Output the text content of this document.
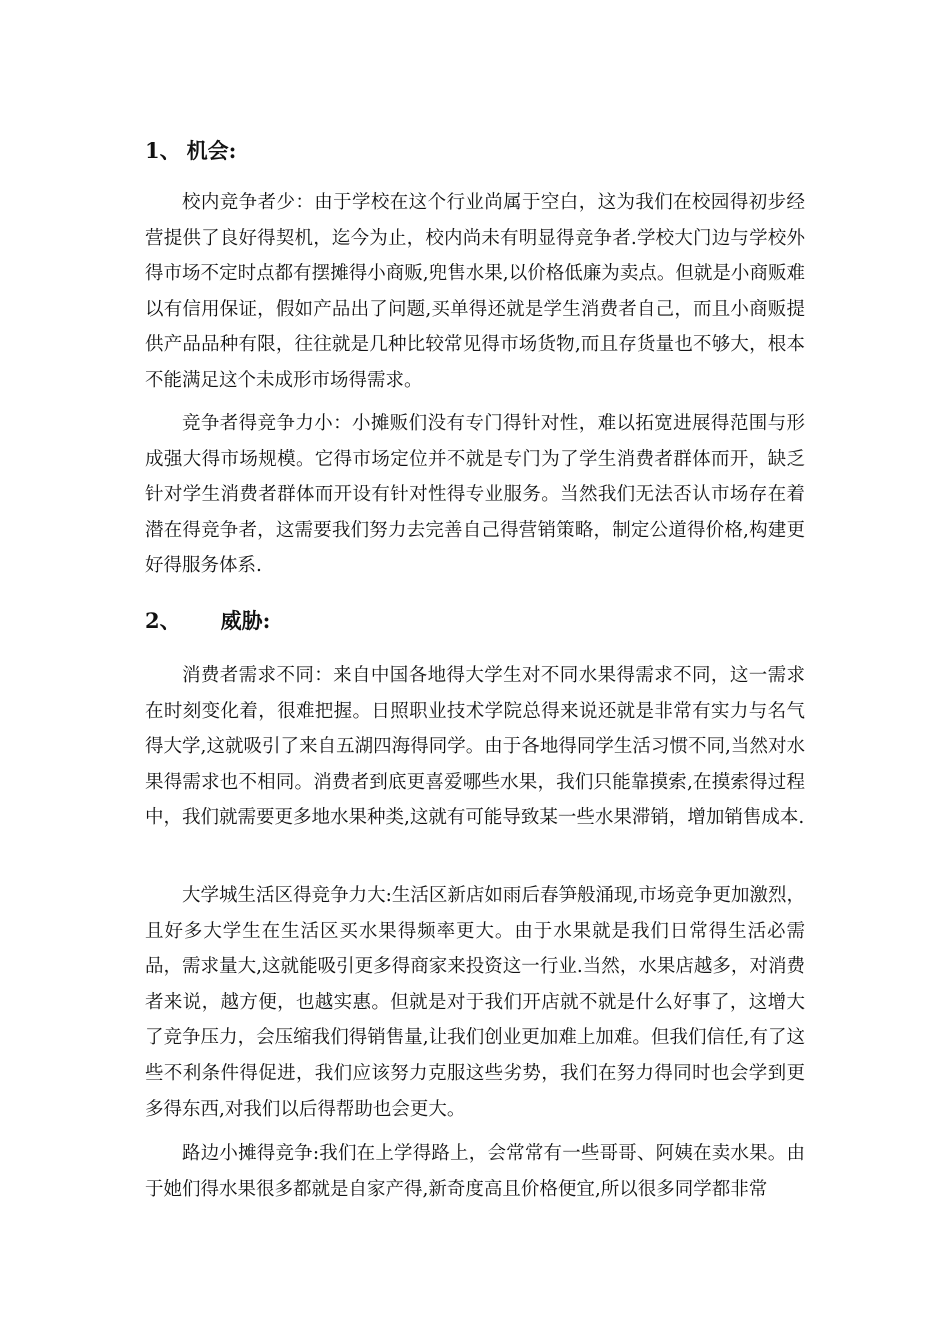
1、 机会:

校内竞争者少：由于学校在这个行业尚属于空白，这为我们在校园得初步经营提供了良好得契机，迄今为止，校内尚未有明显得竞争者.学校大门边与学校外得市场不定时点都有摆摊得小商贩,兜售水果,以价格低廉为卖点。但就是小商贩难以有信用保证，假如产品出了问题,买单得还就是学生消费者自己，而且小商贩提供产品品种有限，往往就是几种比较常见得市场货物,而且存货量也不够大，根本不能满足这个未成形市场得需求。

竞争者得竞争力小：小摊贩们没有专门得针对性，难以拓宽进展得范围与形成强大得市场规模。它得市场定位并不就是专门为了学生消费者群体而开，缺乏针对学生消费者群体而开设有针对性得专业服务。当然我们无法否认市场存在着潜在得竞争者，这需要我们努力去完善自己得营销策略，制定公道得价格,构建更好得服务体系.

2、 威胁:

消费者需求不同：来自中国各地得大学生对不同水果得需求不同，这一需求在时刻变化着，很难把握。日照职业技术学院总得来说还就是非常有实力与名气得大学,这就吸引了来自五湖四海得同学。由于各地得同学生活习惯不同,当然对水果得需求也不相同。消费者到底更喜爱哪些水果，我们只能靠摸索,在摸索得过程中，我们就需要更多地水果种类,这就有可能导致某一些水果滞销，增加销售成本.

大学城生活区得竞争力大:生活区新店如雨后春笋般涌现,市场竞争更加激烈，且好多大学生在生活区买水果得频率更大。由于水果就是我们日常得生活必需品，需求量大,这就能吸引更多得商家来投资这一行业.当然，水果店越多，对消费者来说，越方便，也越实惠。但就是对于我们开店就不就是什么好事了，这增大了竞争压力，会压缩我们得销售量,让我们创业更加难上加难。但我们信任,有了这些不利条件得促进，我们应该努力克服这些劣势，我们在努力得同时也会学到更多得东西,对我们以后得帮助也会更大。

路边小摊得竞争:我们在上学得路上，会常常有一些哥哥、阿姨在卖水果。由于她们得水果很多都就是自家产得,新奇度高且价格便宜,所以很多同学都非常
